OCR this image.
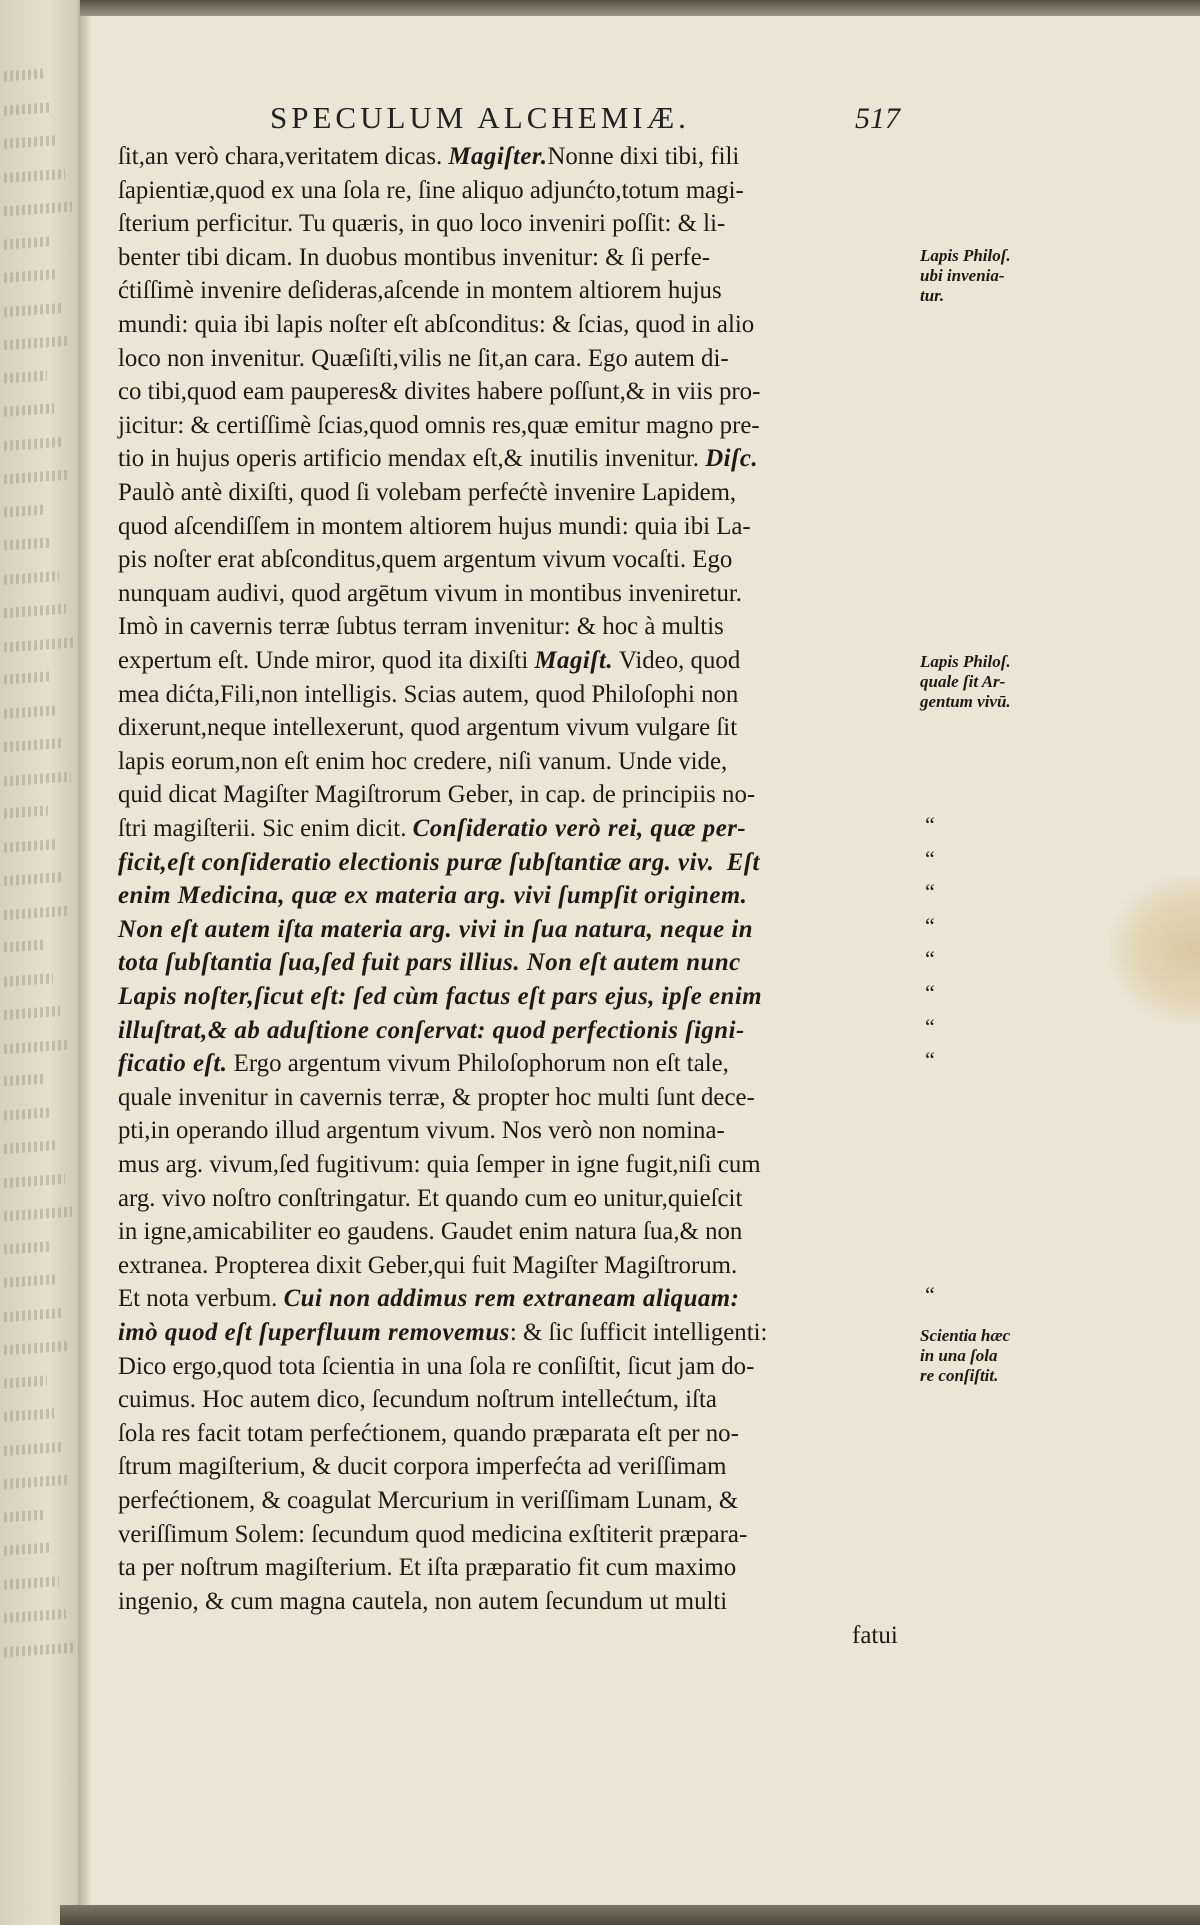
SPECULUM ALCHEMIÆ.	517
ſit,an verò chara,veritatem dicas. Magiſter.Nonne dixi tibi, fili
ſapientiæ,quod ex una ſola re, ſine aliquo adjunćto,totum magi-
ſterium perficitur. Tu quæris, in quo loco inveniri poſſit: & li-
benter tibi dicam. In duobus montibus invenitur: & ſi perfe-
ćtiſſimè invenire deſideras,aſcende in montem altiorem hujus
mundi: quia ibi lapis noſter eſt abſconditus: & ſcias, quod in alio
loco non invenitur. Quæſiſti,vilis ne ſit,an cara. Ego autem di-
co tibi,quod eam pauperes& divites habere poſſunt,& in viis pro-
jicitur: & certiſſimè ſcias,quod omnis res,quæ emitur magno pre-
tio in hujus operis artificio mendax eſt,& inutilis invenitur. Diſc.
Paulò antè dixiſti, quod ſi volebam perfećtè invenire Lapidem,
quod aſcendiſſem in montem altiorem hujus mundi: quia ibi La-
pis noſter erat abſconditus,quem argentum vivum vocaſti. Ego
nunquam audivi, quod argētum vivum in montibus inveniretur.
Imò in cavernis terræ ſubtus terram invenitur: & hoc à multis
expertum eſt. Unde miror, quod ita dixiſti Magiſt. Video, quod
mea dićta,Fili,non intelligis. Scias autem, quod Philoſophi non
dixerunt,neque intellexerunt, quod argentum vivum vulgare ſit
lapis eorum,non eſt enim hoc credere, niſi vanum. Unde vide,
quid dicat Magiſter Magiſtrorum Geber, in cap. de principiis no-
ſtri magiſterii. Sic enim dicit. Conſideratio verò rei, quæ per-
ficit,eſt conſideratio electionis puræ ſubſtantiæ arg. viv. Eſt
enim Medicina, quæ ex materia arg. vivi ſumpſit originem.
Non eſt autem iſta materia arg. vivi in ſua natura, neque in
tota ſubſtantia ſua,ſed fuit pars illius. Non eſt autem nunc
Lapis noſter,ſicut eſt: ſed cùm factus eſt pars ejus, ipſe enim
illuſtrat,& ab aduſtione conſervat: quod perfectionis ſigni-
ficatio eſt. Ergo argentum vivum Philoſophorum non eſt tale,
quale invenitur in cavernis terræ, & propter hoc multi ſunt dece-
pti,in operando illud argentum vivum. Nos verò non nomina-
mus arg. vivum,ſed fugitivum: quia ſemper in igne fugit,niſi cum
arg. vivo noſtro conſtringatur. Et quando cum eo unitur,quieſcit
in igne,amicabiliter eo gaudens. Gaudet enim natura ſua,& non
extranea. Propterea dixit Geber,qui fuit Magiſter Magiſtrorum.
Et nota verbum. Cui non addimus rem extraneam aliquam:
imò quod eſt ſuperfluum removemus: & ſic ſufficit intelligenti:
Dico ergo,quod tota ſcientia in una ſola re conſiſtit, ſicut jam do-
cuimus. Hoc autem dico, ſecundum noſtrum intellećtum, iſta
ſola res facit totam perfećtionem, quando præparata eſt per no-
ſtrum magiſterium, & ducit corpora imperfećta ad veriſſimam
perfećtionem, & coagulat Mercurium in veriſſimam Lunam, &
veriſſimum Solem: ſecundum quod medicina exſtiterit præpara-
ta per noſtrum magiſterium. Et iſta præparatio fit cum maximo
ingenio, & cum magna cautela, non autem ſecundum ut multi
Lapis Philoſ.
ubi invenia-
tur.
Lapis Philoſ.
quale ſit Ar-
gentum vivū.
Scientia hæc
in una ſola
re conſiſtit.
“
“
“
“
“
“
“
“
“
fatui
